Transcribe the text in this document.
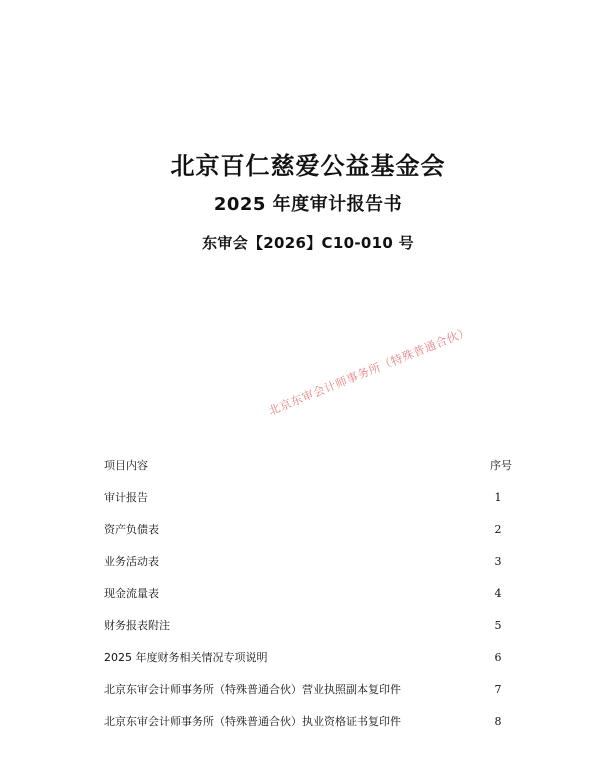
北京百仁慈爱公益基金会
2025 年度审计报告书
东审会【2026】C10-010 号
北京东审会计师事务所（特殊普通合伙）
项目内容	序号
审计报告	1
资产负债表	2
业务活动表	3
现金流量表	4
财务报表附注	5
2025 年度财务相关情况专项说明	6
北京东审会计师事务所（特殊普通合伙）营业执照副本复印件	7
北京东审会计师事务所（特殊普通合伙）执业资格证书复印件	8
